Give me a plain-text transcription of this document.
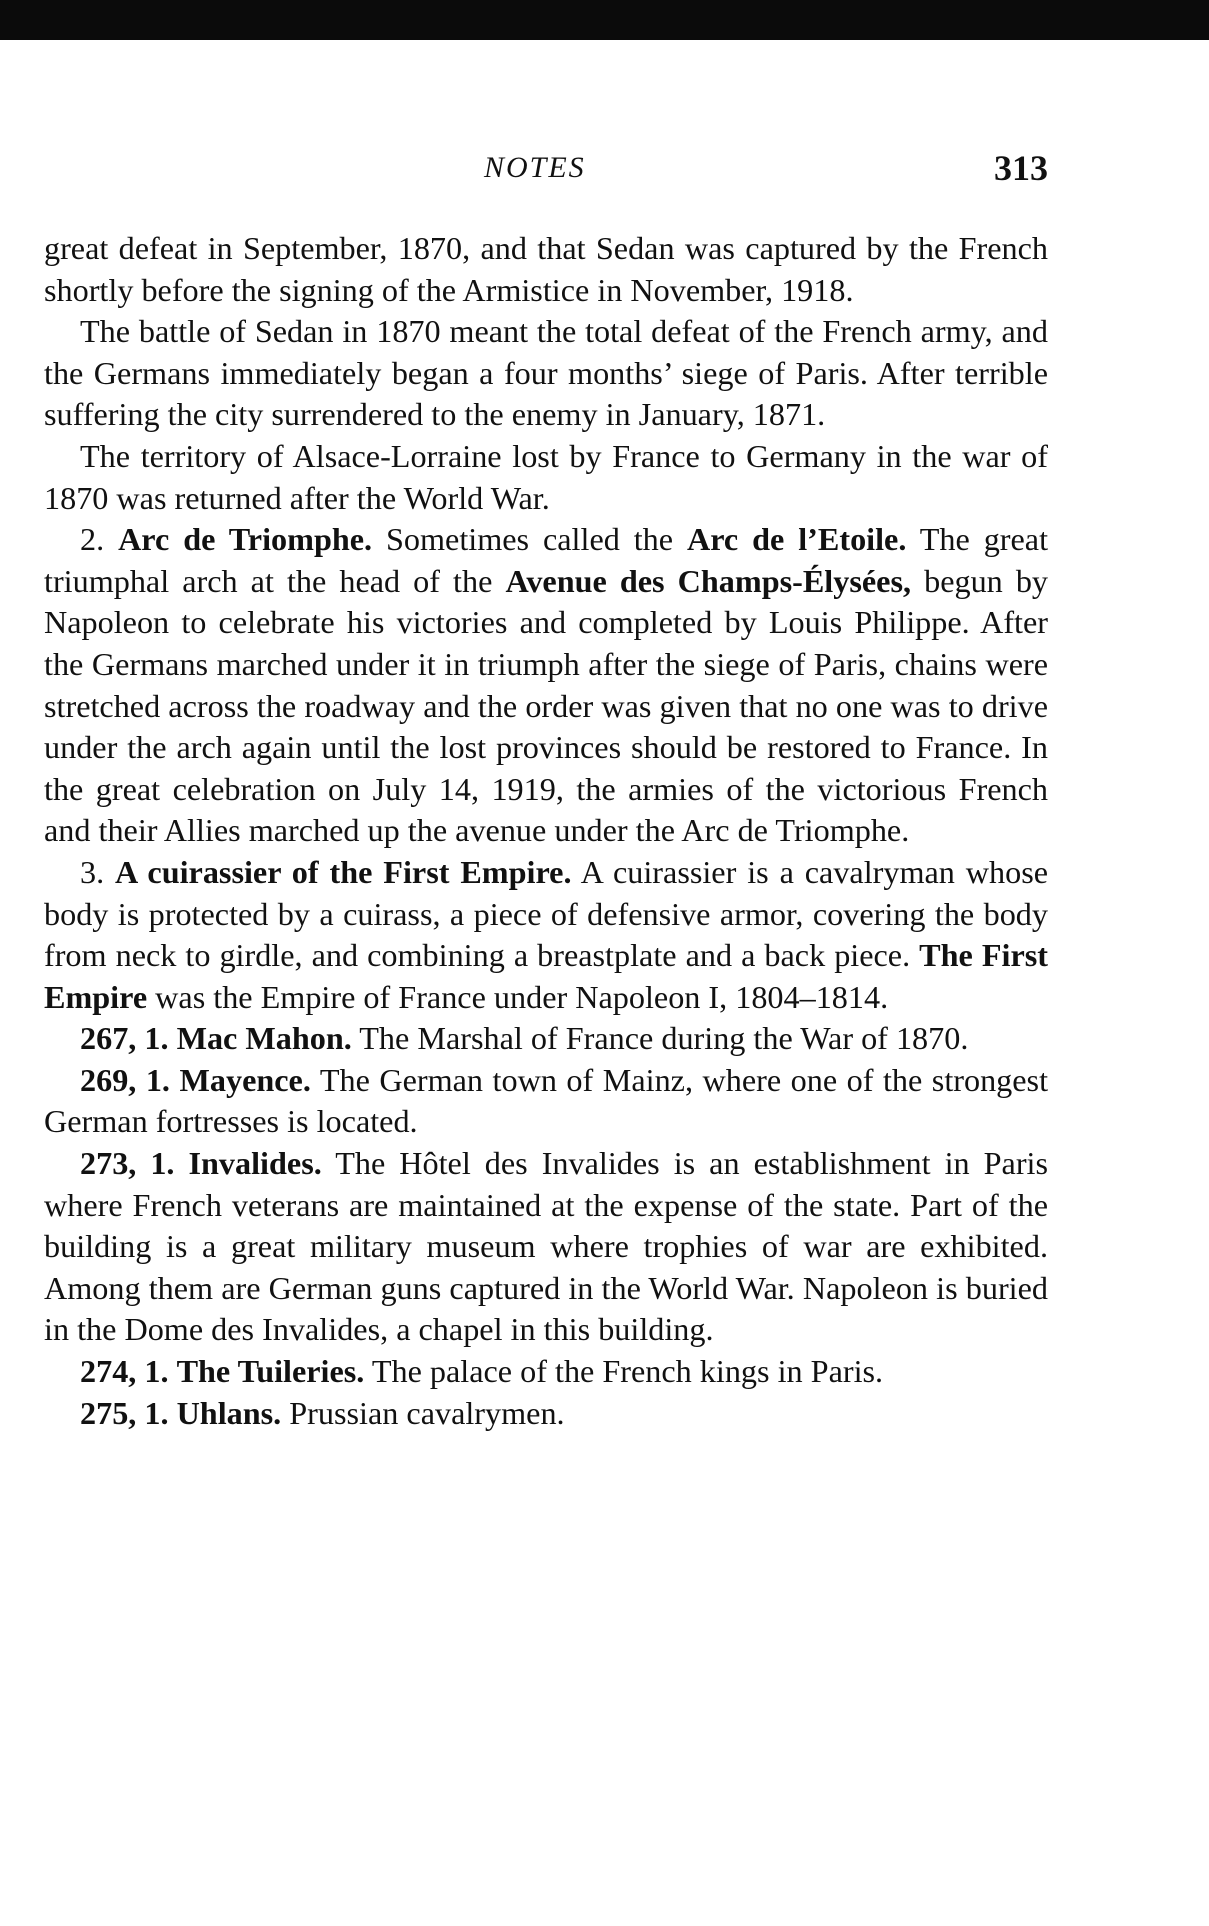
NOTES	313

great defeat in September, 1870, and that Sedan was captured by the French shortly before the signing of the Armistice in November, 1918.

The battle of Sedan in 1870 meant the total defeat of the French army, and the Germans immediately began a four months’ siege of Paris. After terrible suffering the city surrendered to the enemy in January, 1871.

The territory of Alsace-Lorraine lost by France to Germany in the war of 1870 was returned after the World War.

2. Arc de Triomphe. Sometimes called the Arc de l’Etoile. The great triumphal arch at the head of the Avenue des Champs-Élysées, begun by Napoleon to celebrate his victories and completed by Louis Philippe. After the Germans marched under it in triumph after the siege of Paris, chains were stretched across the roadway and the order was given that no one was to drive under the arch again until the lost provinces should be restored to France. In the great celebration on July 14, 1919, the armies of the victorious French and their Allies marched up the avenue under the Arc de Triomphe.

3. A cuirassier of the First Empire. A cuirassier is a cavalryman whose body is protected by a cuirass, a piece of defensive armor, covering the body from neck to girdle, and combining a breastplate and a back piece. The First Empire was the Empire of France under Napoleon I, 1804–1814.

267, 1. Mac Mahon. The Marshal of France during the War of 1870.

269, 1. Mayence. The German town of Mainz, where one of the strongest German fortresses is located.

273, 1. Invalides. The Hôtel des Invalides is an establishment in Paris where French veterans are maintained at the expense of the state. Part of the building is a great military museum where trophies of war are exhibited. Among them are German guns captured in the World War. Napoleon is buried in the Dome des Invalides, a chapel in this building.

274, 1. The Tuileries. The palace of the French kings in Paris.

275, 1. Uhlans. Prussian cavalrymen.
